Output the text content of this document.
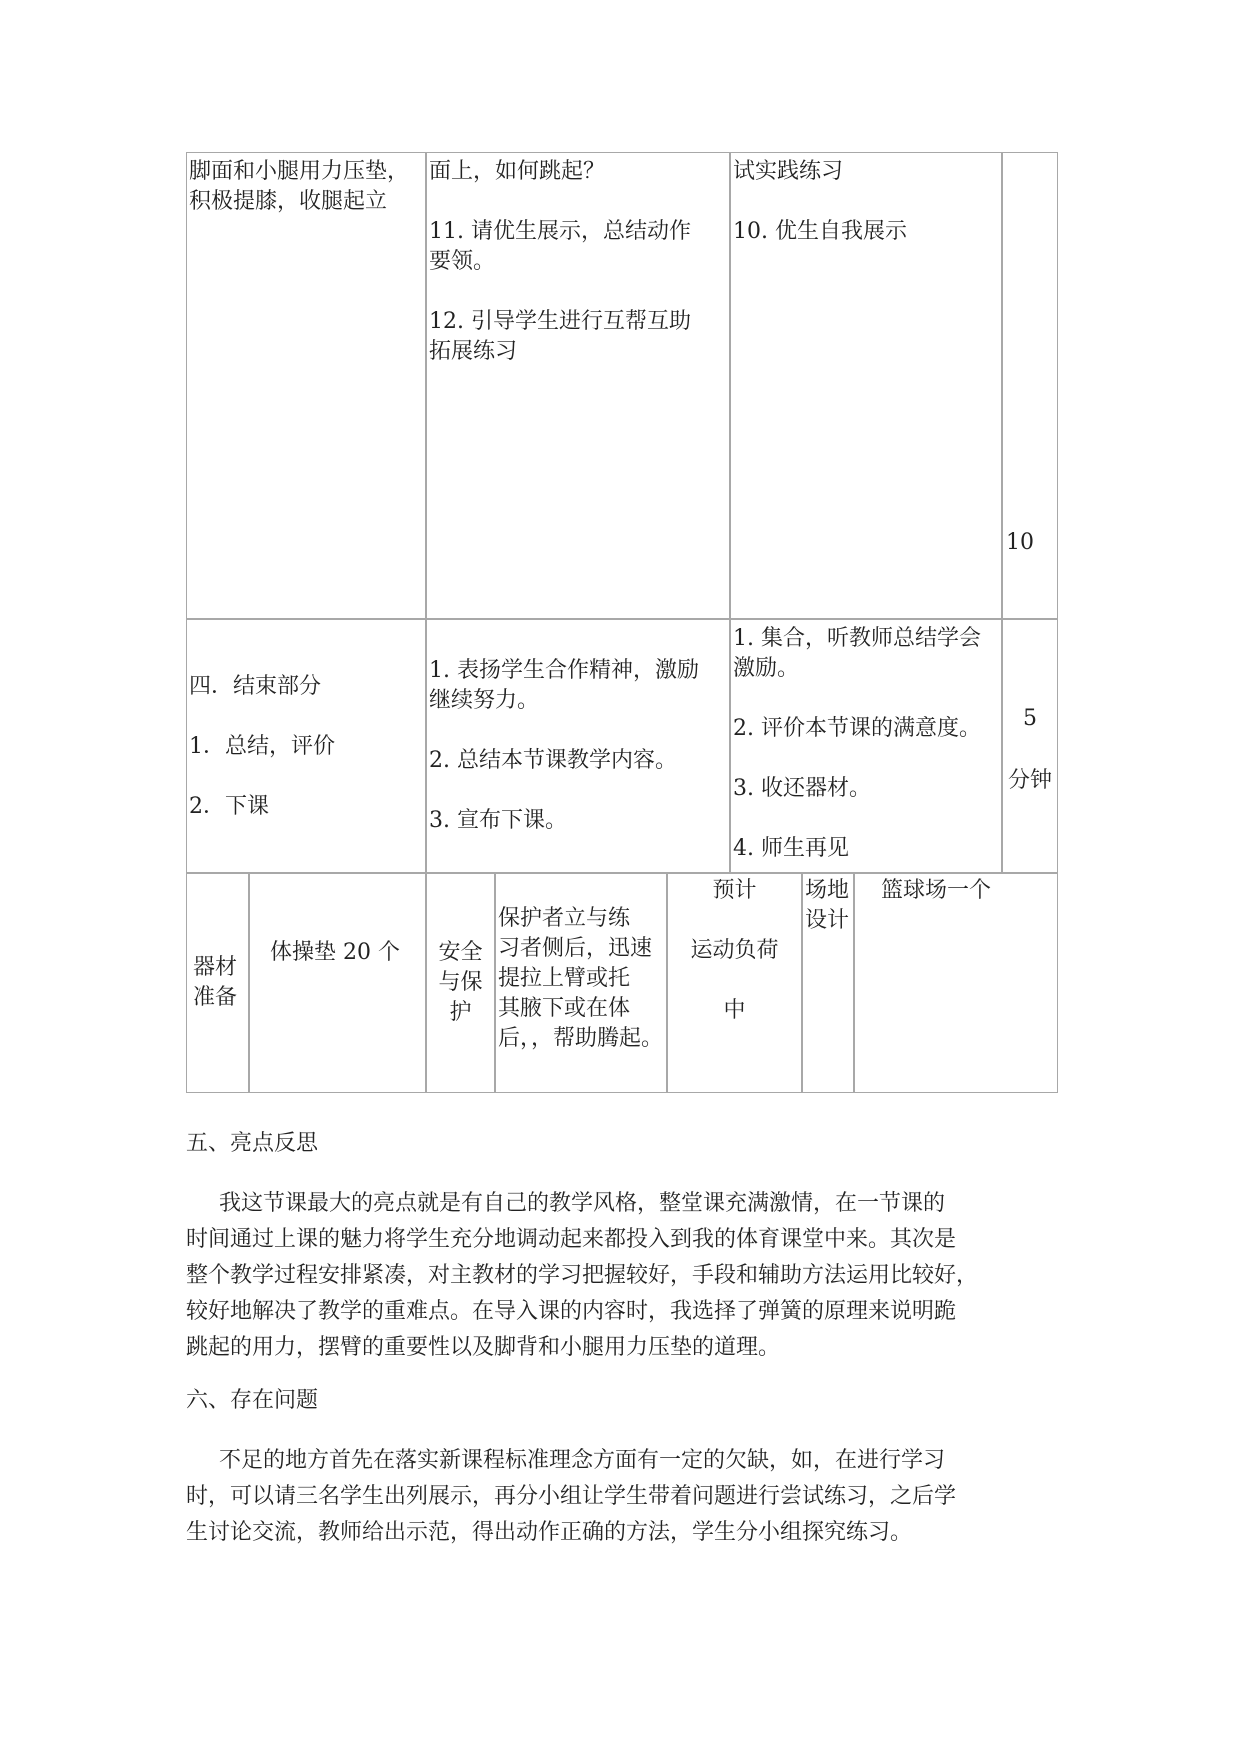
脚面和小腿用力压垫，

积极提膝，收腿起立

面上，如何跳起？

11. 请优生展示，总结动作

要领。

12. 引导学生进行互帮互助

拓展练习

试实践练习

10. 优生自我展示

10

四．结束部分

1．总结，评价

2．下课

1. 表扬学生合作精神，激励

继续努力。

2. 总结本节课教学内容。

3. 宣布下课。

1. 集合，听教师总结学会

激励。

2. 评价本节课的满意度。

3. 收还器材。

4. 师生再见

5

分钟

器材

准备

体操垫 20 个	安全

与保

护

保护者立与练

习者侧后，迅速

提拉上臂或托

其腋下或在体

后，，帮助腾起。

预计

运动负荷

中

场地

设计

篮球场一个
五、亮点反思

我这节课最大的亮点就是有自己的教学风格，整堂课充满激情，在一节课的

时间通过上课的魅力将学生充分地调动起来都投入到我的体育课堂中来。其次是

整个教学过程安排紧凑，对主教材的学习把握较好，手段和辅助方法运用比较好，

较好地解决了教学的重难点。在导入课的内容时，我选择了弹簧的原理来说明跪

跳起的用力，摆臂的重要性以及脚背和小腿用力压垫的道理。

六、存在问题

不足的地方首先在落实新课程标准理念方面有一定的欠缺，如，在进行学习

时，可以请三名学生出列展示，再分小组让学生带着问题进行尝试练习，之后学

生讨论交流，教师给出示范，得出动作正确的方法，学生分小组探究练习。
